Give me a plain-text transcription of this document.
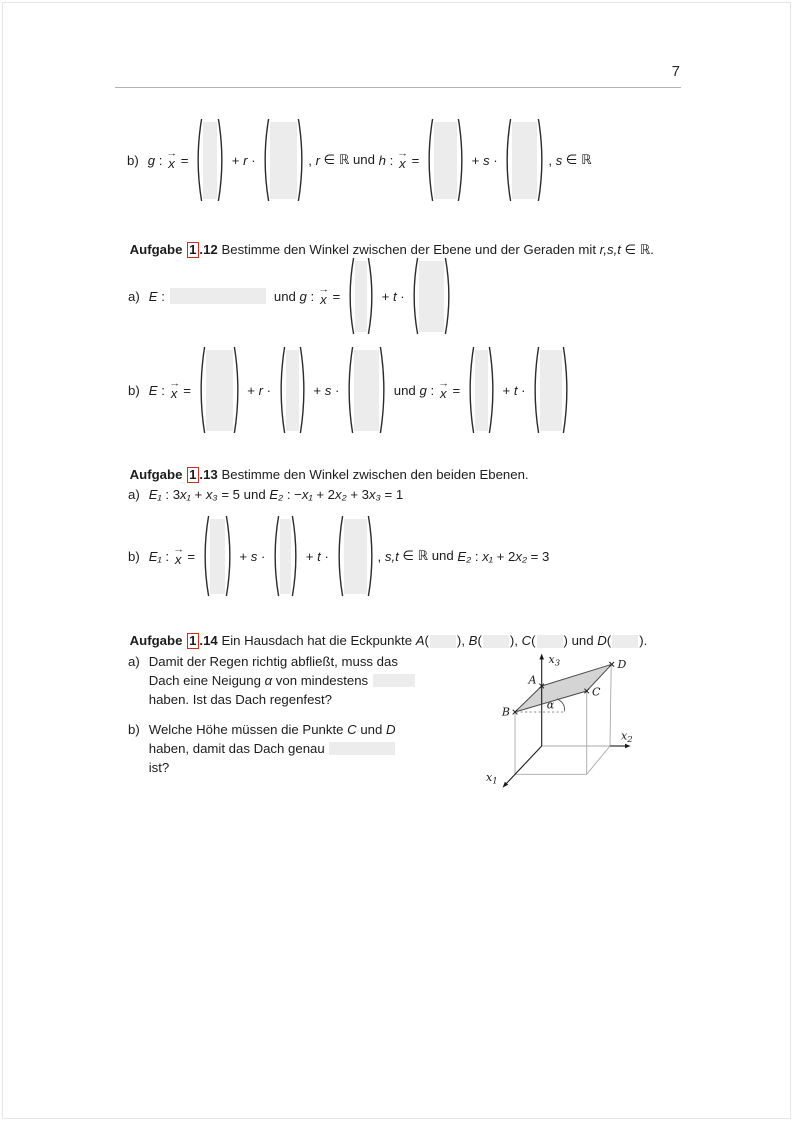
7
b) g : →
x =	+ r ·	, r ∈ ℝ und h : →
x =	+ s ·	, s ∈ ℝ

Aufgabe 1 .12 Bestimme den Winkel zwischen der Ebene und der Geraden mit r,s,t ∈ ℝ.

a) E :	und g : →
x =	+ t ·
b) E : →
x =	+ r ·	+ s ·	und g : →
x =	+ t ·

Aufgabe 1 .13 Bestimme den Winkel zwischen den beiden Ebenen.

a) E₁ : 3 x₁ + x₃ = 5 und E₂ : − x₁ + 2 x₂ + 3 x₃ = 1
b) E₁ : →
x =	+ s ·	+ t ·	, s,t ∈ ℝ und E₂ : x₁ + 2 x₂ = 3

Aufgabe 1 .14 Ein Hausdach hat die Eckpunkte A( ), B( ), C( ) und D( ).

a) Damit der Regen richtig abfließt, muss das
Dach eine Neigung α von mindestens
haben. Ist das Dach regenfest?
b) Welche Höhe müssen die Punkte C und D
haben, damit das Dach genau
ist?
A
B
C
D
α
$x_3$
$x_2$
$x_1$
